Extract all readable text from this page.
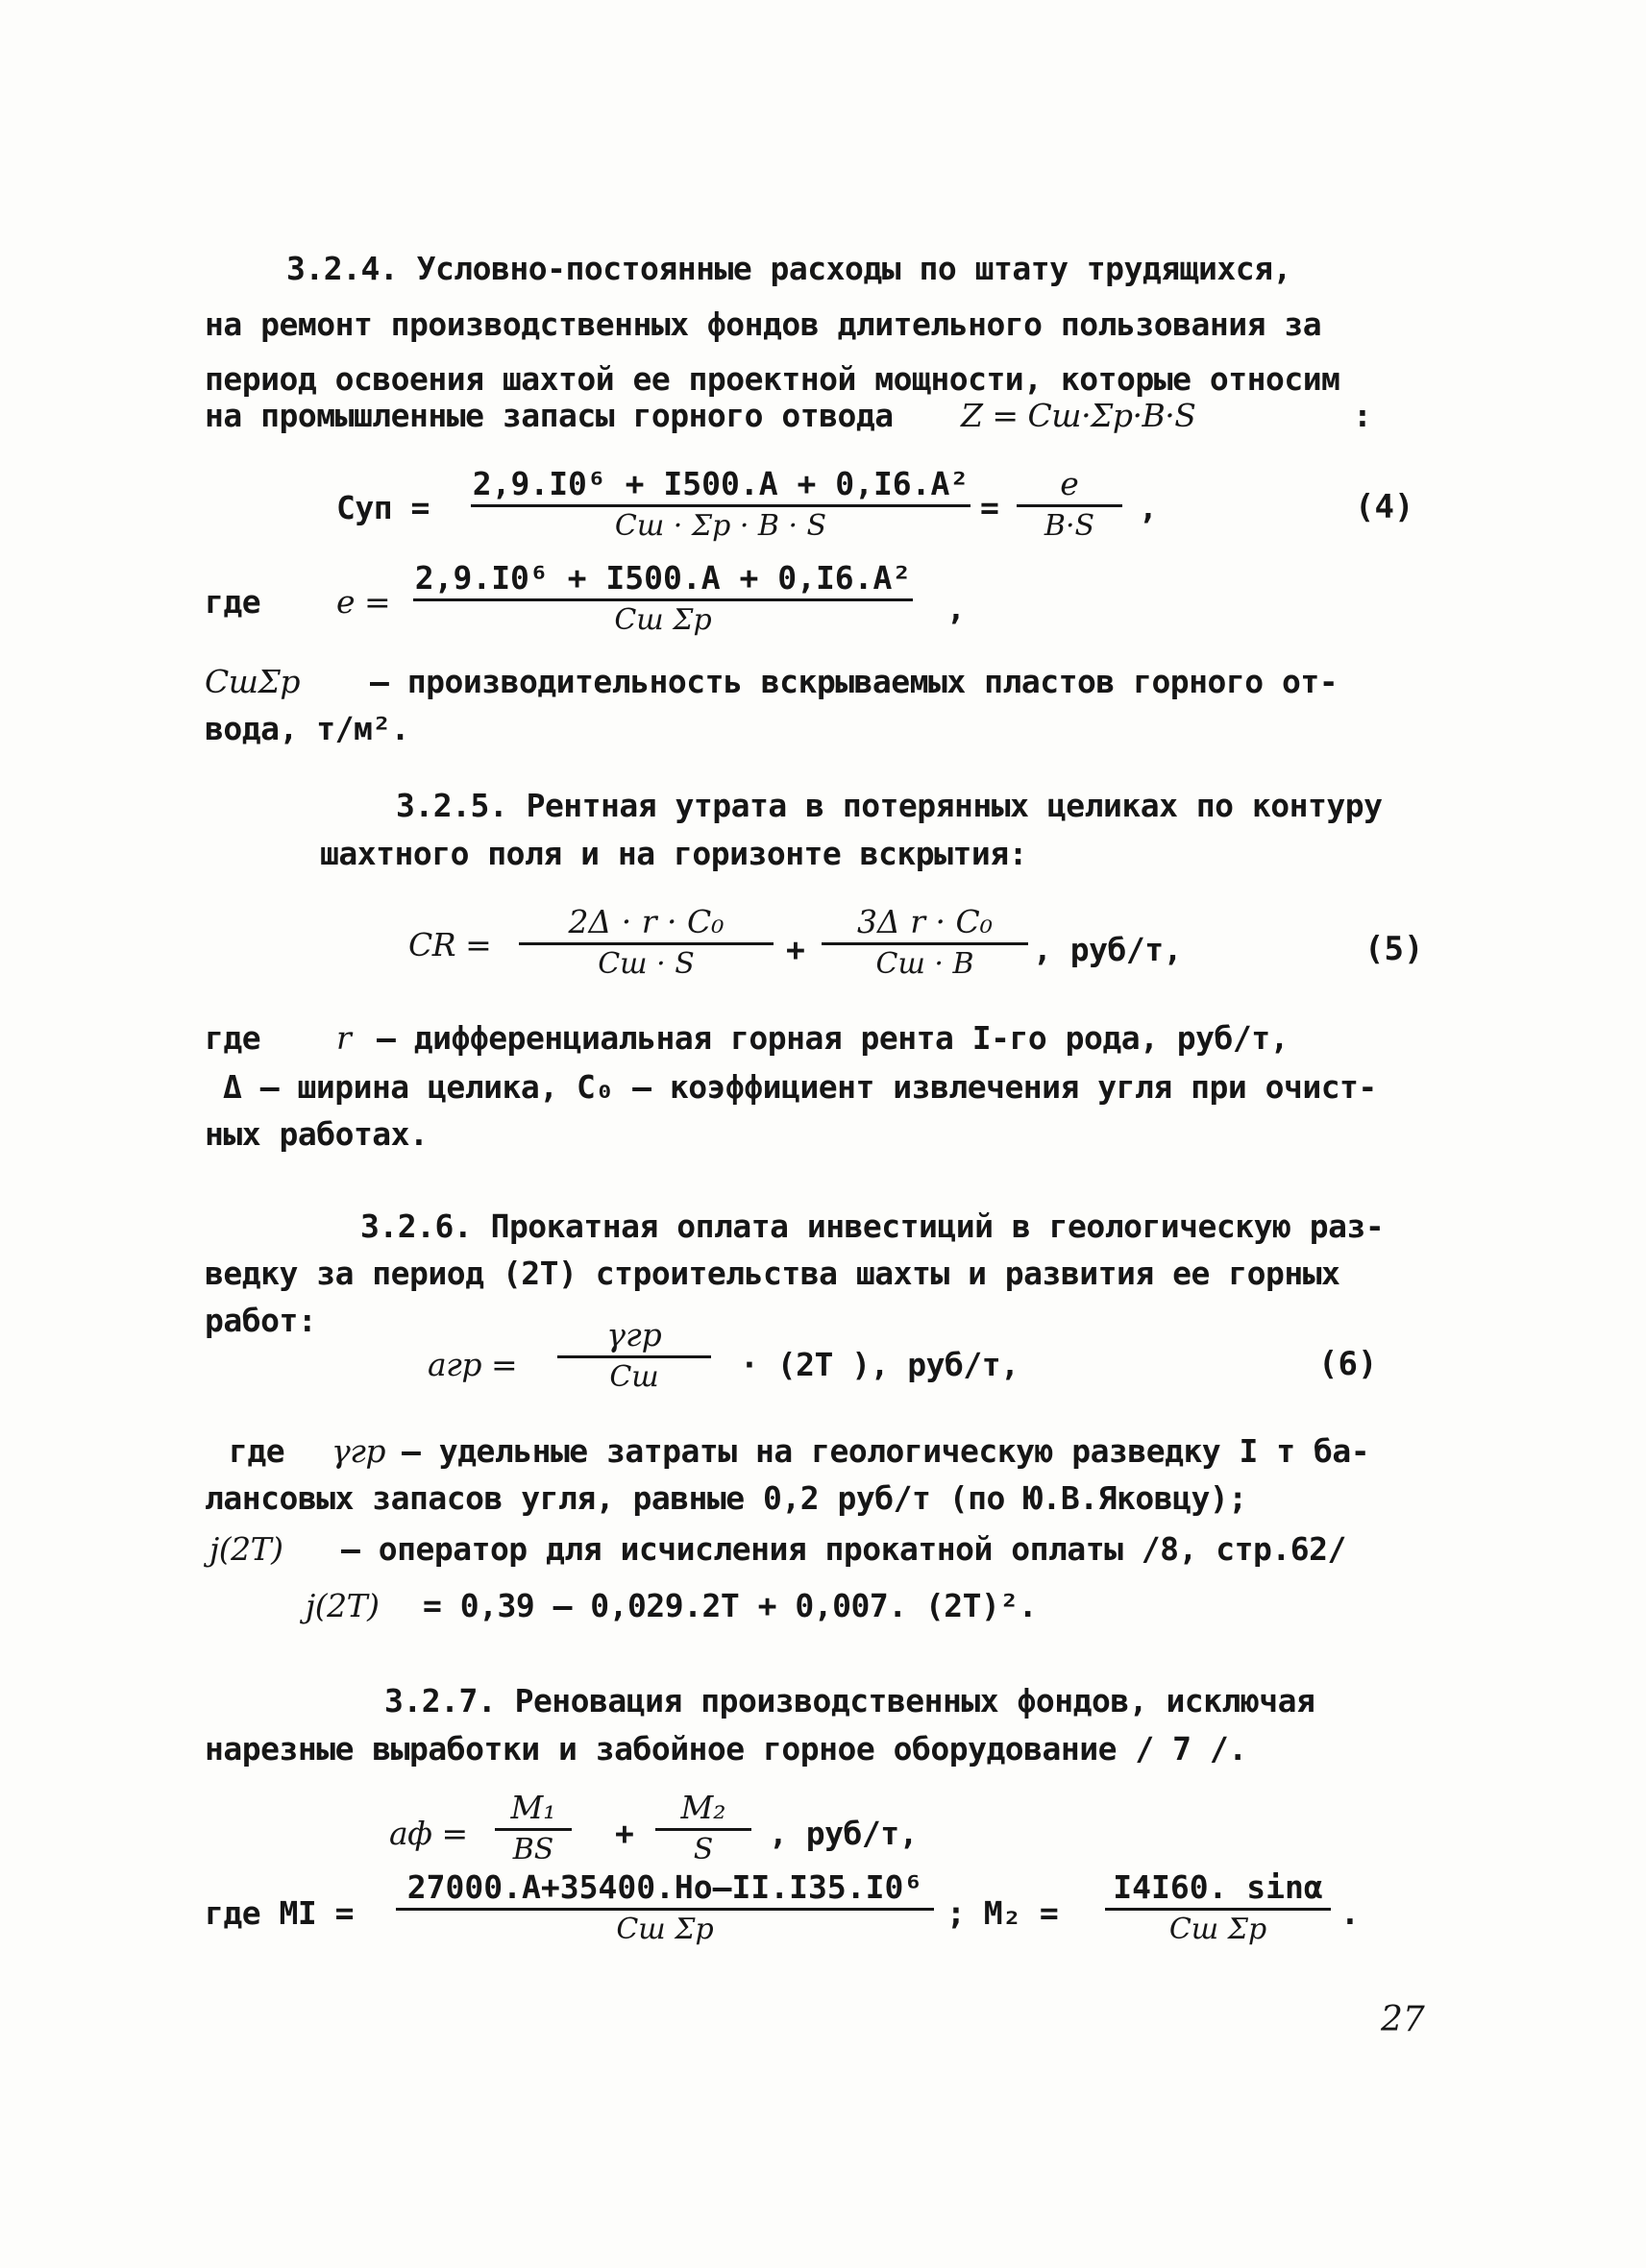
3.2.4. Условно-постоянные расходы по штату трудящихся,
на ремонт производственных фондов длительного пользования за
период освоения шахтой ее проектной мощности, которые относим
на промышленные запасы горного отвода Z = Cш·Σp·B·S	:
Cуп =
2,9.I0⁶ + I500.A + 0,I6.A²
Cш · Σp · B · S	=
e
B·S	,	(4)
где e =
2,9.I0⁶ + I500.A + 0,I6.A²
Cш Σp	,
CшΣp – производительность вскрываемых пластов горного от-
вода, т/м².
3.2.5. Рентная утрата в потерянных целиках по контуру
шахтного поля и на горизонте вскрытия:
CR =
2Δ · r · C₀
Cш · S	+
3Δ r · C₀
Cш · B	, руб/т,	(5)
где r – дифференциальная горная рента I-го рода, руб/т,
Δ – ширина целика, C₀ – коэффициент извлечения угля при очист-
ных работах.
3.2.6. Прокатная оплата инвестиций в геологическую раз-
ведку за период (2T) строительства шахты и развития ее горных
работ:
aгр =
γгр
Cш	· (2T ), руб/т,	(6)
где γгр – удельные затраты на геологическую разведку I т ба-
лансовых запасов угля, равные 0,2 руб/т (по Ю.В.Яковцу);
j(2T) – оператор для исчисления прокатной оплаты /8, стр.62/
j(2T) = 0,39 – 0,029.2T + 0,007. (2T)².
3.2.7. Реновация производственных фондов, исключая
нарезные выработки и забойное горное оборудование / 7 /.
aф =
M₁
BS	+
M₂
S	, руб/т,
где MI =
27000.A+35400.Ho–II.I35.I0⁶
Cш Σp	; M₂ =
I4I60. sinα
Cш Σp	.
27
